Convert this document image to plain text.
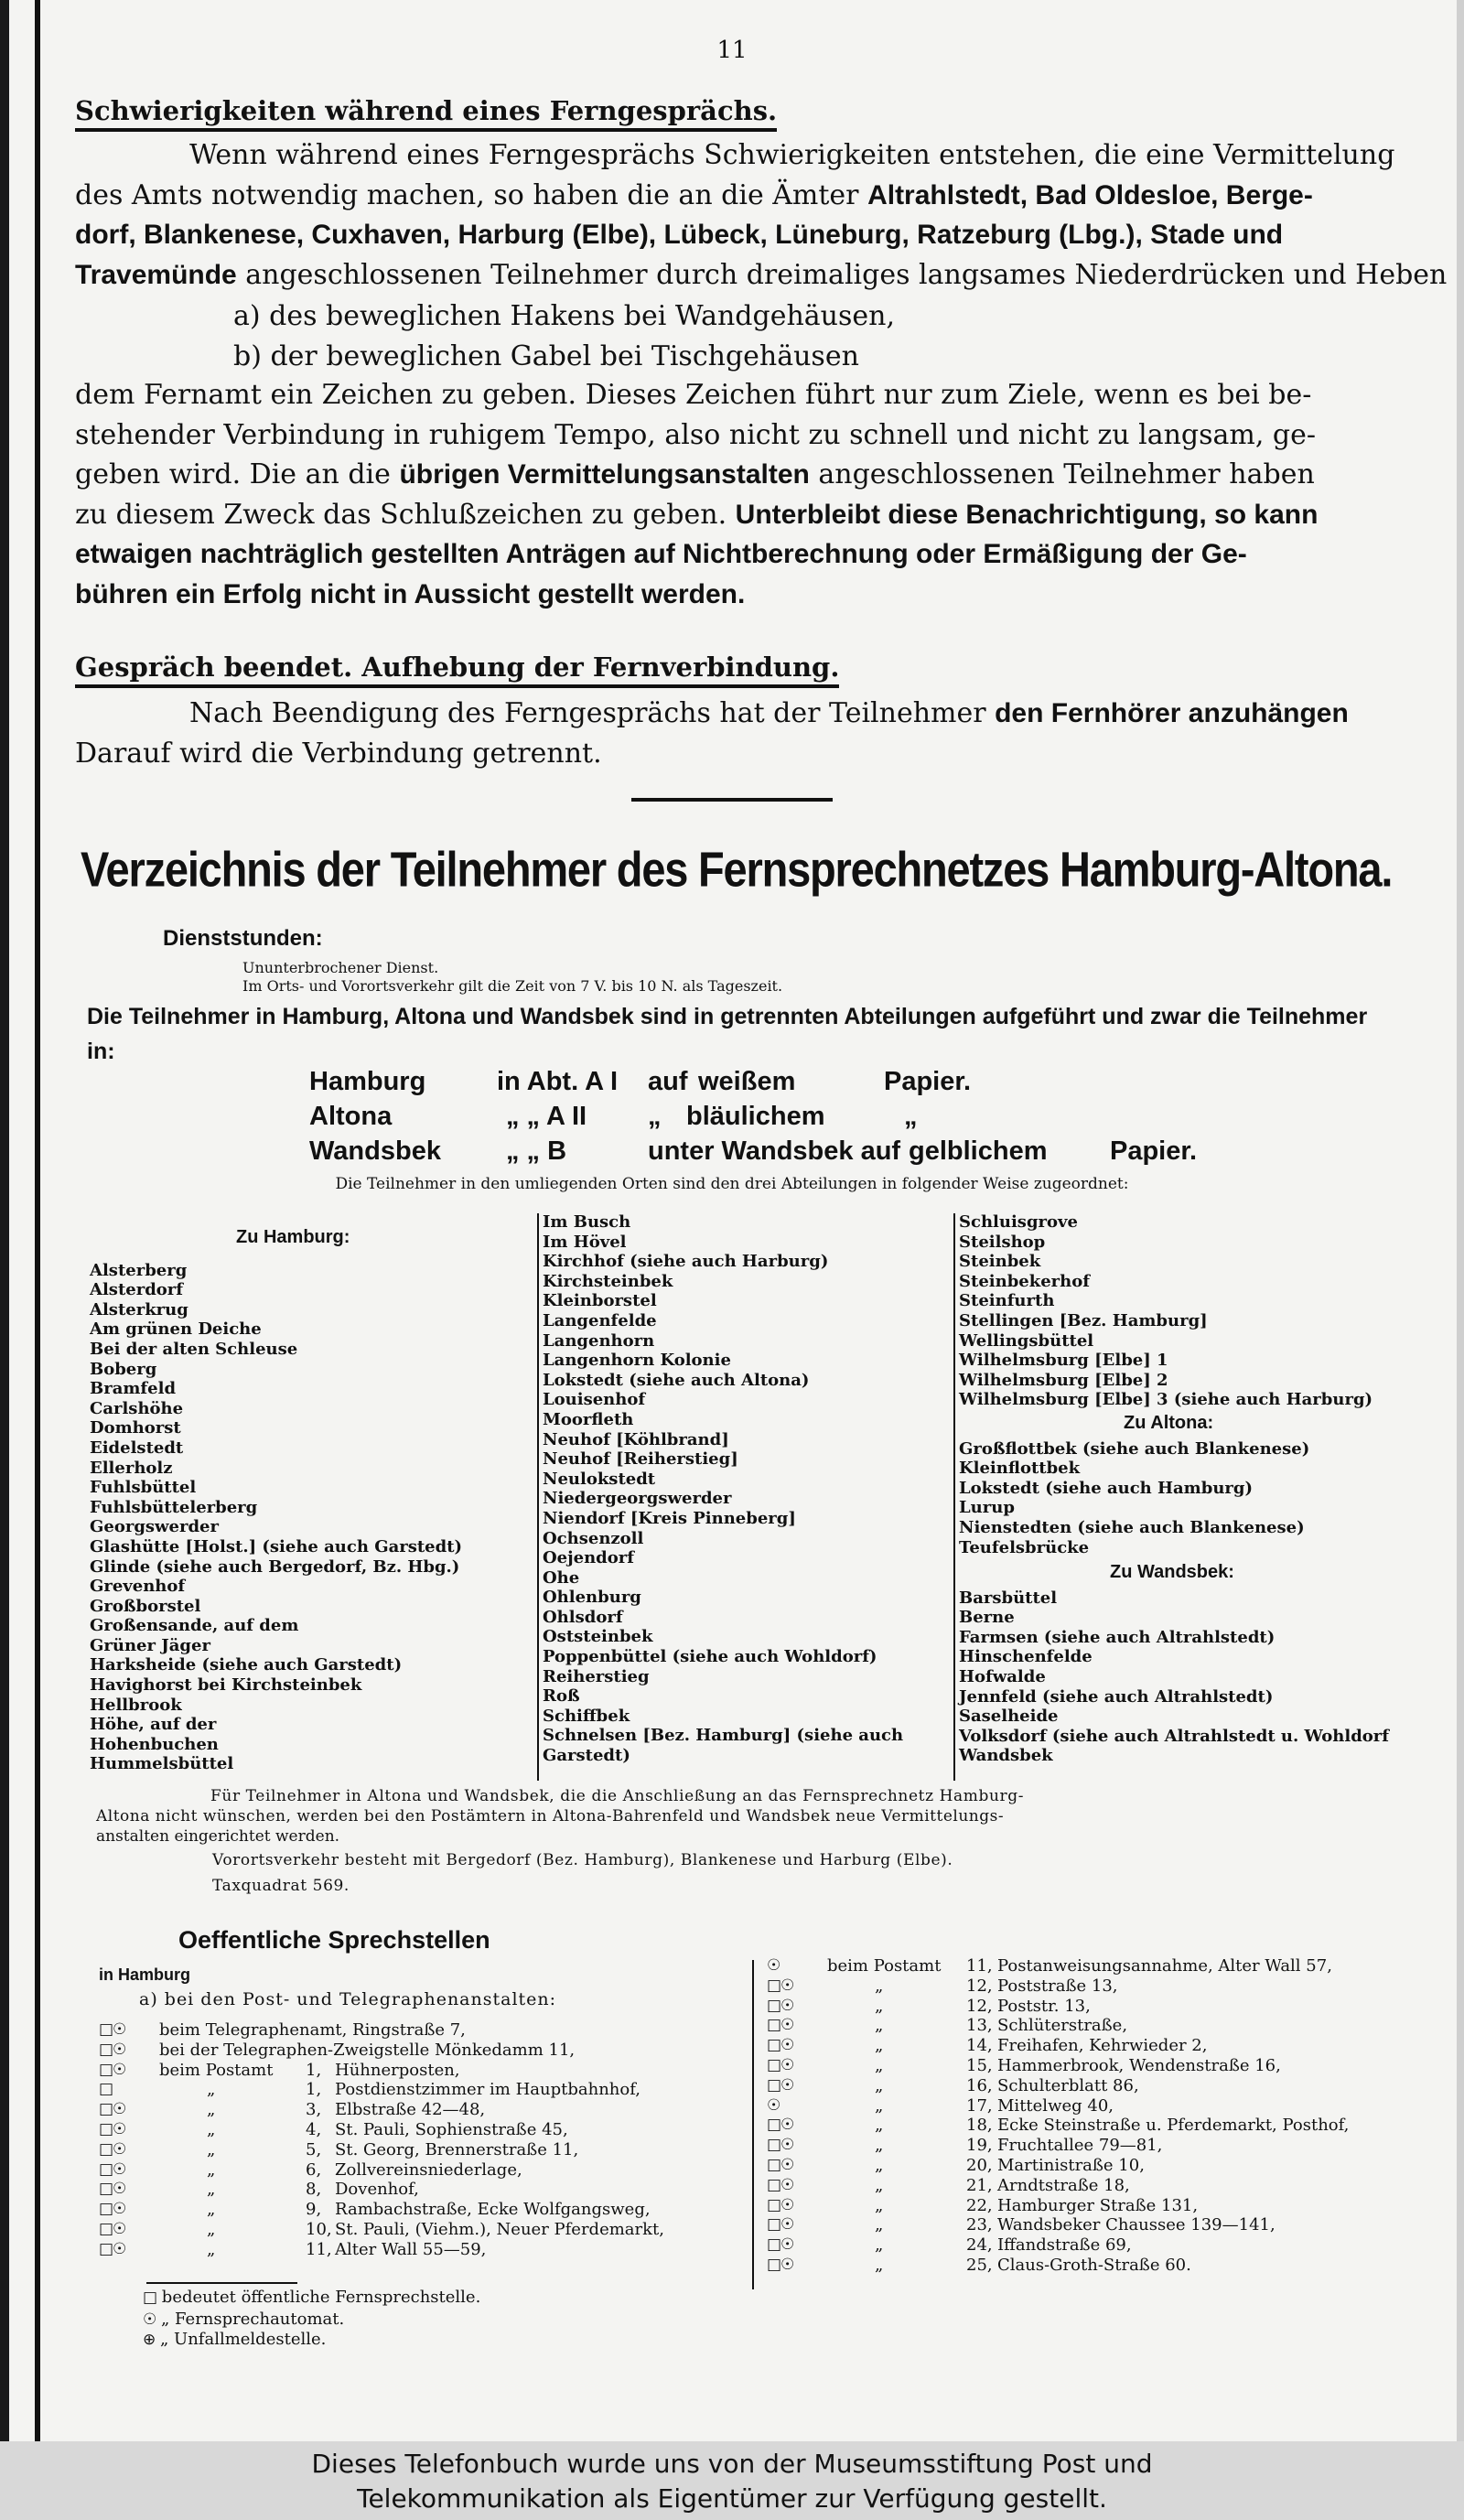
11
Schwierigkeiten während eines Ferngesprächs.
Wenn während eines Ferngesprächs Schwierigkeiten entstehen, die eine Vermittelung
des Amts notwendig machen, so haben die an die Ämter Altrahlstedt, Bad Oldesloe, Berge-
dorf, Blankenese, Cuxhaven, Harburg (Elbe), Lübeck, Lüneburg, Ratzeburg (Lbg.), Stade und
Travemünde angeschlossenen Teilnehmer durch dreimaliges langsames Niederdrücken und Heben
a) des beweglichen Hakens bei Wandgehäusen,
b) der beweglichen Gabel bei Tischgehäusen
dem Fernamt ein Zeichen zu geben. Dieses Zeichen führt nur zum Ziele, wenn es bei be-
stehender Verbindung in ruhigem Tempo, also nicht zu schnell und nicht zu langsam, ge-
geben wird. Die an die übrigen Vermittelungsanstalten angeschlossenen Teilnehmer haben
zu diesem Zweck das Schlußzeichen zu geben. Unterbleibt diese Benachrichtigung, so kann
etwaigen nachträglich gestellten Anträgen auf Nichtberechnung oder Ermäßigung der Ge-
bühren ein Erfolg nicht in Aussicht gestellt werden.
Gespräch beendet. Aufhebung der Fernverbindung.
Nach Beendigung des Ferngesprächs hat der Teilnehmer den Fernhörer anzuhängen
Darauf wird die Verbindung getrennt.
Verzeichnis der Teilnehmer des Fernsprechnetzes Hamburg-Altona.
Dienststunden:
Ununterbrochener Dienst.
Im Orts- und Vorortsverkehr gilt die Zeit von 7 V. bis 10 N. als Tageszeit.
Die Teilnehmer in Hamburg, Altona und Wandsbek sind in getrennten Abteilungen aufgeführt und zwar die Teilnehmer in:
Hamburg	in Abt. A I auf weißem	Papier.
Altona	„ „ A II „ bläulichem	„
Wandsbek „ „ B	unter Wandsbek auf gelblichem Papier.
Die Teilnehmer in den umliegenden Orten sind den drei Abteilungen in folgender Weise zugeordnet:
Zu Hamburg:
Alsterberg
Alsterdorf
Alsterkrug
Am grünen Deiche
Bei der alten Schleuse
Boberg
Bramfeld
Carlshöhe
Domhorst
Eidelstedt
Ellerholz
Fuhlsbüttel
Fuhlsbüttelerberg
Georgswerder
Glashütte [Holst.] (siehe auch Garstedt)
Glinde (siehe auch Bergedorf, Bz. Hbg.)
Grevenhof
Großborstel
Großensande, auf dem
Grüner Jäger
Harksheide (siehe auch Garstedt)
Havighorst bei Kirchsteinbek
Hellbrook
Höhe, auf der
Hohenbuchen
Hummelsbüttel
Im Busch
Im Hövel
Kirchhof (siehe auch Harburg)
Kirchsteinbek
Kleinborstel
Langenfelde
Langenhorn
Langenhorn Kolonie
Lokstedt (siehe auch Altona)
Louisenhof
Moorfleth
Neuhof [Köhlbrand]
Neuhof [Reiherstieg]
Neulokstedt
Niedergeorgswerder
Niendorf [Kreis Pinneberg]
Ochsenzoll
Oejendorf
Ohe
Ohlenburg
Ohlsdorf
Oststeinbek
Poppenbüttel (siehe auch Wohldorf)
Reiherstieg
Roß
Schiffbek
Schnelsen [Bez. Hamburg] (siehe auch
Garstedt)
Schluisgrove
Steilshop
Steinbek
Steinbekerhof
Steinfurth
Stellingen [Bez. Hamburg]
Wellingsbüttel
Wilhelmsburg [Elbe] 1
Wilhelmsburg [Elbe] 2
Wilhelmsburg [Elbe] 3 (siehe auch Harburg)
Zu Altona:
Großflottbek (siehe auch Blankenese)
Kleinflottbek
Lokstedt (siehe auch Hamburg)
Lurup
Nienstedten (siehe auch Blankenese)
Teufelsbrücke
Zu Wandsbek:
Barsbüttel
Berne
Farmsen (siehe auch Altrahlstedt)
Hinschenfelde
Hofwalde
Jennfeld (siehe auch Altrahlstedt)
Saselheide
Volksdorf (siehe auch Altrahlstedt u. Wohldorf
Wandsbek
Für Teilnehmer in Altona und Wandsbek, die die Anschließung an das Fernsprechnetz Hamburg-
Altona nicht wünschen, werden bei den Postämtern in Altona-Bahrenfeld und Wandsbek neue Vermittelungs-
anstalten eingerichtet werden.
Vorortsverkehr besteht mit Bergedorf (Bez. Hamburg), Blankenese und Harburg (Elbe).
Taxquadrat 569.
Oeffentliche Sprechstellen
in Hamburg
a) bei den Post- und Telegraphenanstalten:
□☉ beim Telegraphenamt, Ringstraße 7,
□☉ bei der Telegraphen-Zweigstelle Mönkedamm 11,
□☉ beim Postamt 1, Hühnerposten,
□	„	1, Postdienstzimmer im Hauptbahnhof,
□☉	„	3, Elbstraße 42—48,
□☉	„	4, St. Pauli, Sophienstraße 45,
□☉	„	5, St. Georg, Brennerstraße 11,
□☉	„	6, Zollvereinsniederlage,
□☉	„	8, Dovenhof,
□☉	„	9, Rambachstraße, Ecke Wolfgangsweg,
□☉	„	10, St. Pauli, (Viehm.), Neuer Pferdemarkt,
□☉	„	11, Alter Wall 55—59,
☉	beim Postamt 11, Postanweisungsannahme, Alter Wall 57,
□☉	„	12, Poststraße 13,
□☉	„	12, Poststr. 13,
□☉	„	13, Schlüterstraße,
□☉	„	14, Freihafen, Kehrwieder 2,
□☉	„	15, Hammerbrook, Wendenstraße 16,
□☉	„	16, Schulterblatt 86,
☉	„	17, Mittelweg 40,
□☉	„	18, Ecke Steinstraße u. Pferdemarkt, Posthof,
□☉	„	19, Fruchtallee 79—81,
□☉	„	20, Martinistraße 10,
□☉	„	21, Arndtstraße 18,
□☉	„	22, Hamburger Straße 131,
□☉	„	23, Wandsbeker Chaussee 139—141,
□☉	„	24, Iffandstraße 69,
□☉	„	25, Claus-Groth-Straße 60.
□ bedeutet öffentliche Fernsprechstelle.
☉ „ Fernsprechautomat.
⊕ „ Unfallmeldestelle.
Dieses Telefonbuch wurde uns von der Museumsstiftung Post und
Telekommunikation als Eigentümer zur Verfügung gestellt.
